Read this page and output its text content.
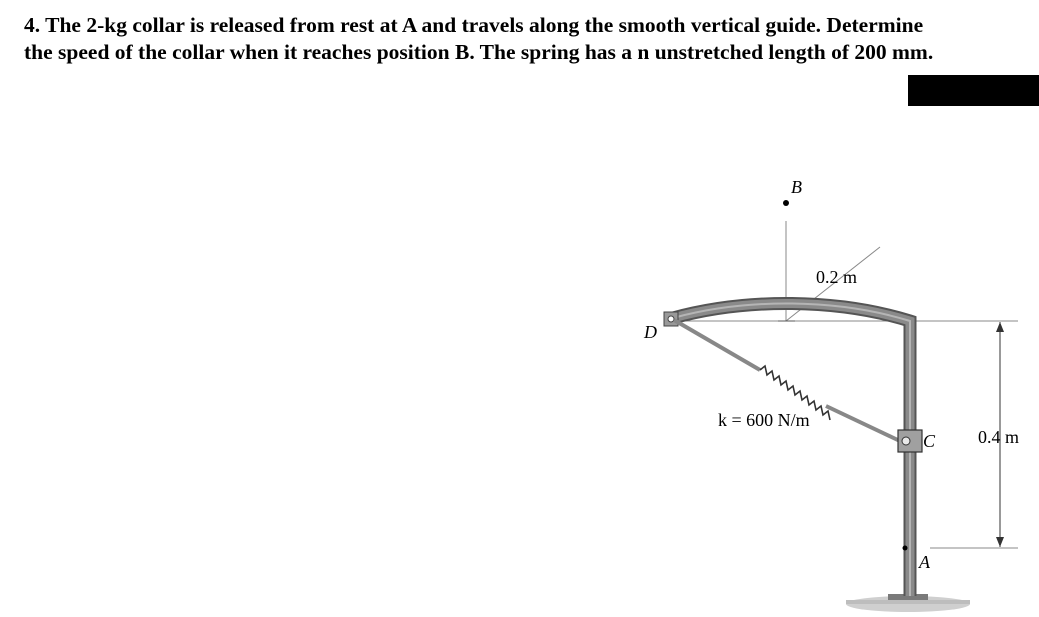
4. The 2-kg collar is released from rest at A and travels along the smooth vertical guide. Determine
the speed of the collar when it reaches position B. The spring has a n unstretched length of 200 mm.
B
D
C
A
0.2 m
k = 600 N/m
0.4 m
